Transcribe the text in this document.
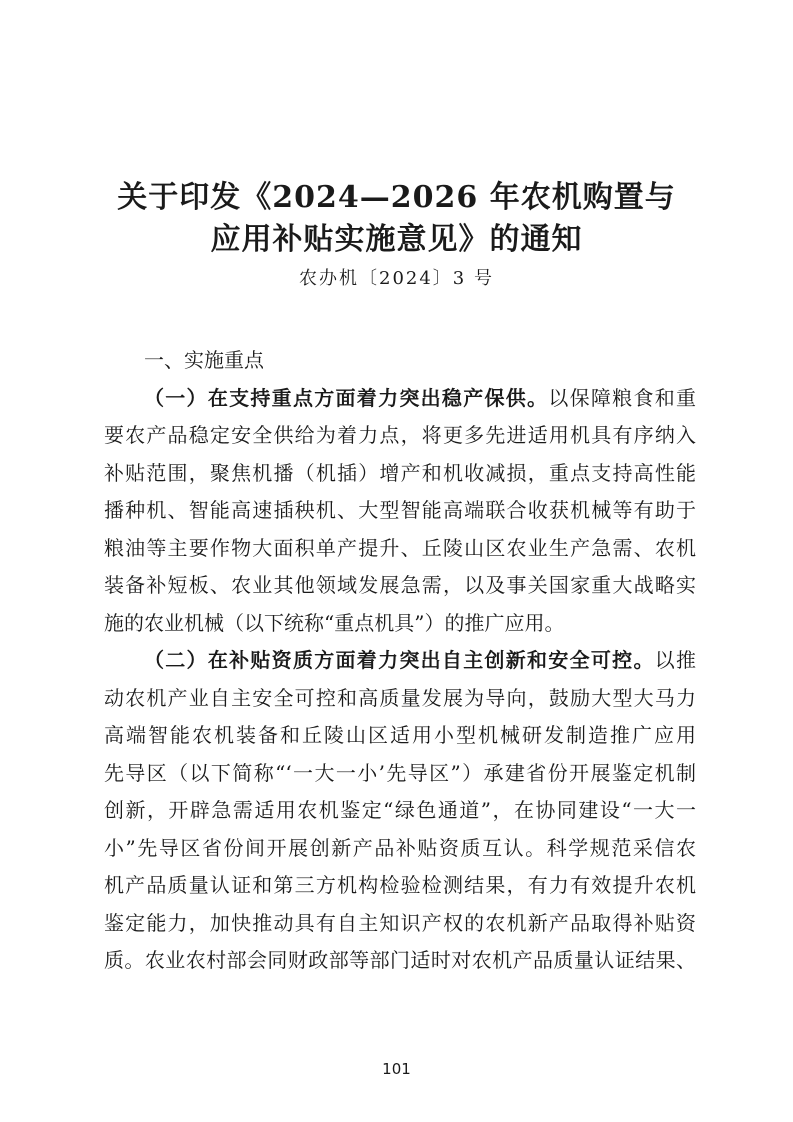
关于印发《2024—2026 年农机购置与
应用补贴实施意见》的通知
农办机〔2024〕3 号

一、实施重点

（一）在支持重点方面着力突出稳产保供。以保障粮食和重

要农产品稳定安全供给为着力点，将更多先进适用机具有序纳入

补贴范围，聚焦机播（机插）增产和机收减损，重点支持高性能

播种机、智能高速插秧机、大型智能高端联合收获机械等有助于

粮油等主要作物大面积单产提升、丘陵山区农业生产急需、农机

装备补短板、农业其他领域发展急需，以及事关国家重大战略实

施的农业机械（以下统称“重点机具”）的推广应用。

（二）在补贴资质方面着力突出自主创新和安全可控。以推

动农机产业自主安全可控和高质量发展为导向，鼓励大型大马力

高端智能农机装备和丘陵山区适用小型机械研发制造推广应用

先导区（以下简称“‘一大一小’先导区”）承建省份开展鉴定机制

创新，开辟急需适用农机鉴定“绿色通道”，在协同建设“一大一

小”先导区省份间开展创新产品补贴资质互认。科学规范采信农

机产品质量认证和第三方机构检验检测结果，有力有效提升农机

鉴定能力，加快推动具有自主知识产权的农机新产品取得补贴资

质。农业农村部会同财政部等部门适时对农机产品质量认证结果、

101
